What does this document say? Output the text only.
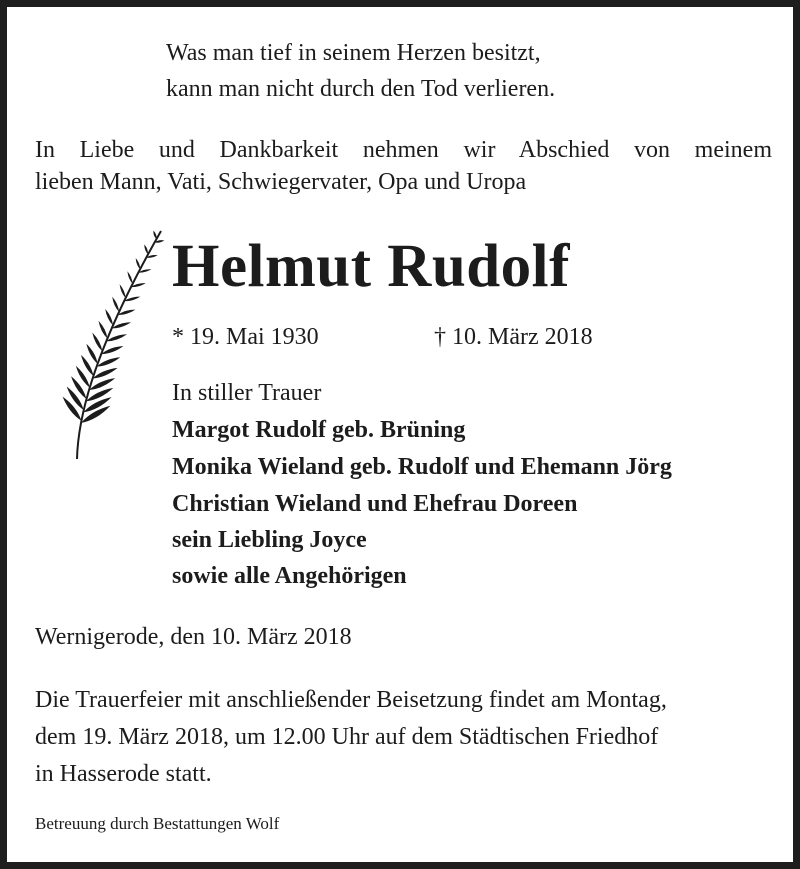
Was man tief in seinem Herzen besitzt,

kann man nicht durch den Tod verlieren.

In Liebe und Dankbarkeit nehmen wir Abschied von meinem
lieben Mann, Vati, Schwiegervater, Opa und Uropa
Helmut Rudolf

* 19. Mai 1930	† 10. März 2018

In stiller Trauer

Margot Rudolf geb. Brüning

Monika Wieland geb. Rudolf und Ehemann Jörg

Christian Wieland und Ehefrau Doreen

sein Liebling Joyce

sowie alle Angehörigen

Wernigerode, den 10. März 2018

Die Trauerfeier mit anschließender Beisetzung findet am Montag,

dem 19. März 2018, um 12.00 Uhr auf dem Städtischen Friedhof

in Hasserode statt.

Betreuung durch Bestattungen Wolf
